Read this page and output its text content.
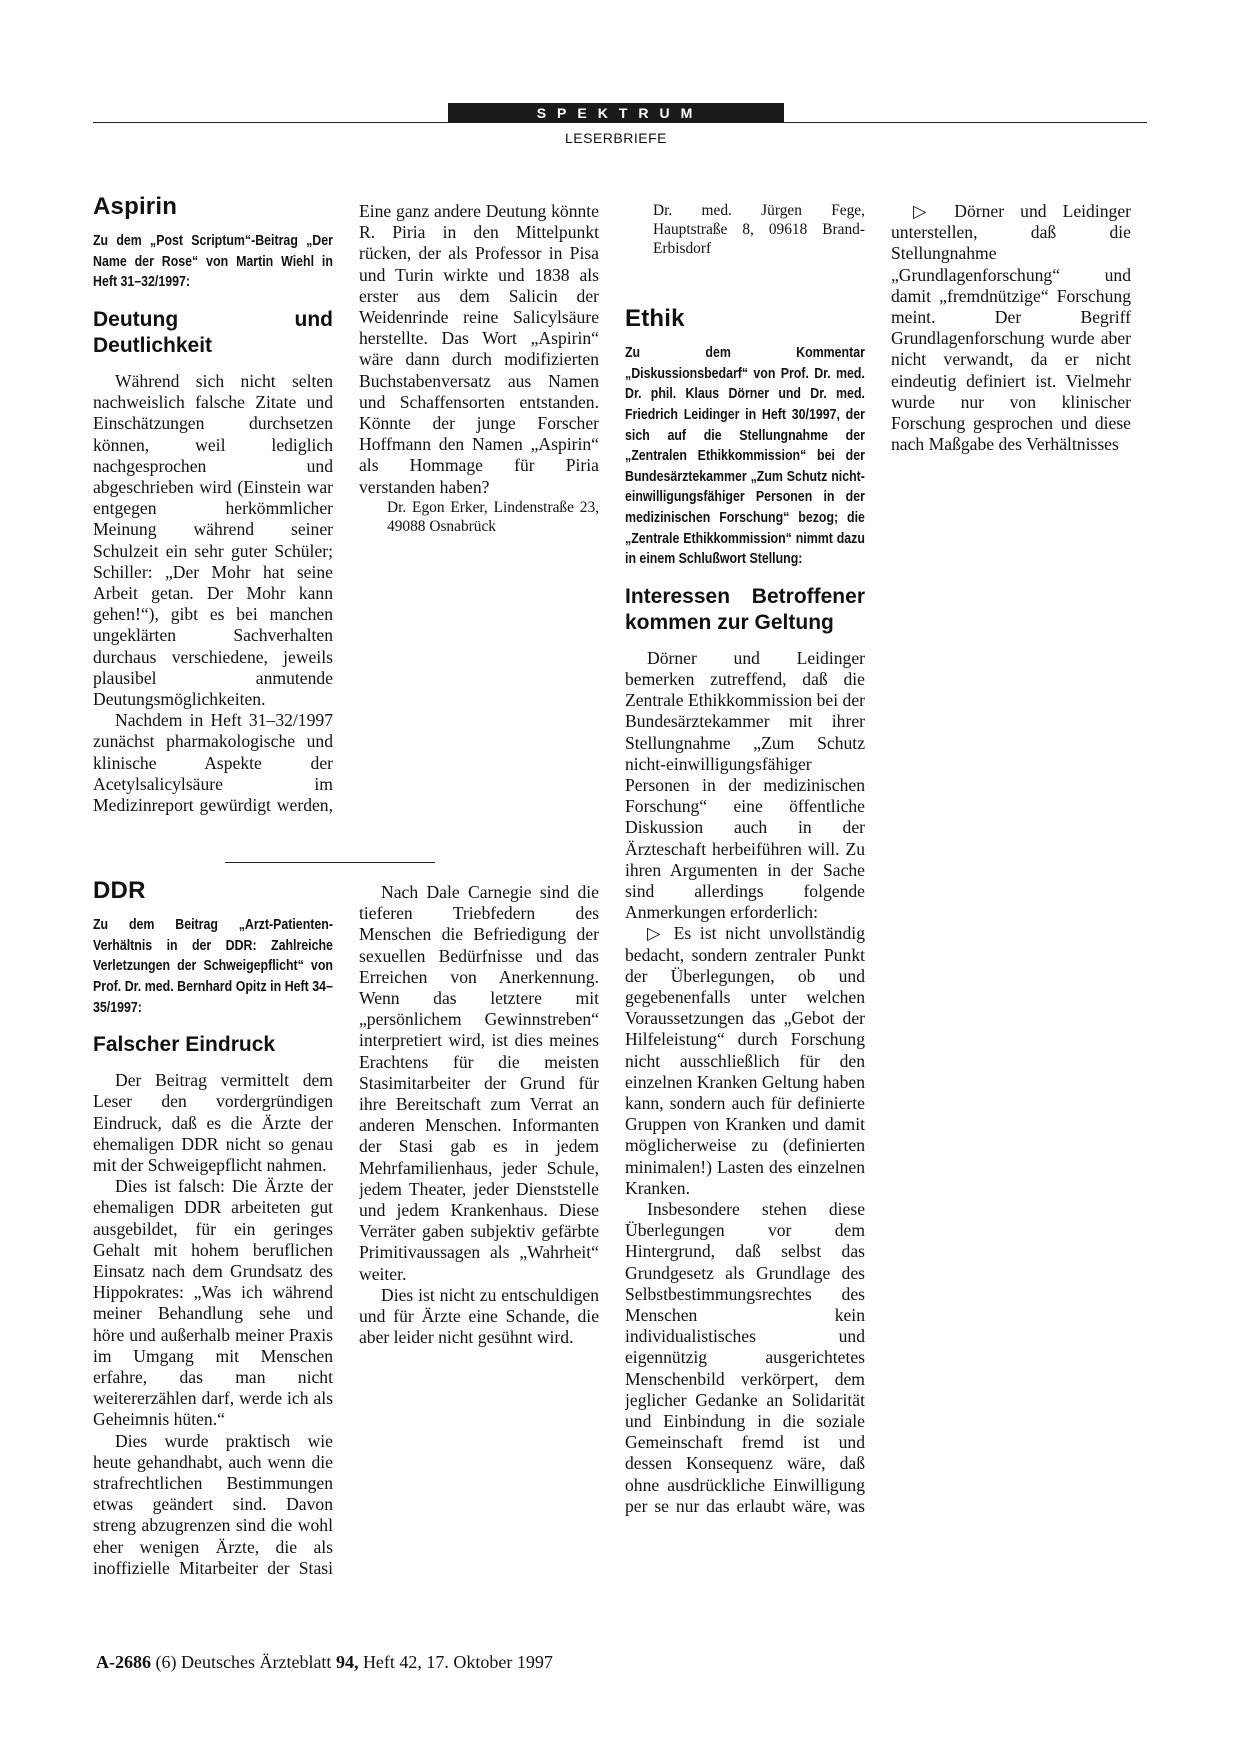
SPEKTRUM
LESERBRIEFE
Aspirin
Zu dem „Post Scriptum“-Beitrag „Der Name der Rose“ von Martin Wiehl in Heft 31–32/1997:
Deutung und Deutlichkeit

Während sich nicht selten nachweislich falsche Zitate und Einschätzungen durchsetzen können, weil lediglich nachgesprochen und abgeschrieben wird (Einstein war entgegen herkömmlicher Meinung während seiner Schulzeit ein sehr guter Schüler; Schiller: „Der Mohr hat seine Arbeit getan. Der Mohr kann gehen!“), gibt es bei manchen ungeklärten Sachverhalten durchaus verschiedene, jeweils plausibel anmutende Deutungsmöglichkeiten.

Nachdem in Heft 31–32/1997 zunächst pharmakologische und klinische Aspekte der Acetylsalicylsäure im Medizinreport gewürdigt werden,

Eine ganz andere Deutung könnte R. Piria in den Mittelpunkt rücken, der als Professor in Pisa und Turin wirkte und 1838 als erster aus dem Salicin der Weidenrinde reine Salicylsäure herstellte. Das Wort „Aspirin“ wäre dann durch modifizierten Buchstabenversatz aus Namen und Schaffensorten entstanden. Könnte der junge Forscher Hoffmann den Namen „Aspirin“ als Hommage für Piria verstanden haben?

Dr. Egon Erker, Lindenstraße 23, 49088 Osnabrück

DDR
Zu dem Beitrag „Arzt-Patienten-Verhältnis in der DDR: Zahlreiche Verletzungen der Schweigepflicht“ von Prof. Dr. med. Bernhard Opitz in Heft 34–35/1997:
Falscher Eindruck

Der Beitrag vermittelt dem Leser den vordergründigen Eindruck, daß es die Ärzte der ehemaligen DDR nicht so genau mit der Schweigepflicht nahmen.

Dies ist falsch: Die Ärzte der ehemaligen DDR arbeiteten gut ausgebildet, für ein geringes Gehalt mit hohem beruflichen Einsatz nach dem Grundsatz des Hippokrates: „Was ich während meiner Behandlung sehe und höre und außerhalb meiner Praxis im Umgang mit Menschen erfahre, das man nicht weitererzählen darf, werde ich als Geheimnis hüten.“

Dies wurde praktisch wie heute gehandhabt, auch wenn die strafrechtlichen Bestimmungen etwas geändert sind. Davon streng abzugrenzen sind die wohl eher wenigen Ärzte, die als inoffizielle Mitarbeiter der Stasi

Nach Dale Carnegie sind die tieferen Triebfedern des Menschen die Befriedigung der sexuellen Bedürfnisse und das Erreichen von Anerkennung. Wenn das letztere mit „persönlichem Gewinnstreben“ interpretiert wird, ist dies meines Erachtens für die meisten Stasimitarbeiter der Grund für ihre Bereitschaft zum Verrat an anderen Menschen. Informanten der Stasi gab es in jedem Mehrfamilienhaus, jeder Schule, jedem Theater, jeder Dienststelle und jedem Krankenhaus. Diese Verräter gaben subjektiv gefärbte Primitivaussagen als „Wahrheit“ weiter.

Dies ist nicht zu entschuldigen und für Ärzte eine Schande, die aber leider nicht gesühnt wird.

Dr. med. Jürgen Fege, Hauptstraße 8, 09618 Brand-Erbisdorf

Ethik
Zu dem Kommentar „Diskussionsbedarf“ von Prof. Dr. med. Dr. phil. Klaus Dörner und Dr. med. Friedrich Leidinger in Heft 30/1997, der sich auf die Stellungnahme der „Zentralen Ethikkommission“ bei der Bundesärztekammer „Zum Schutz nicht-einwilligungsfähiger Personen in der medizinischen Forschung“ bezog; die „Zentrale Ethikkommission“ nimmt dazu in einem Schlußwort Stellung:
Interessen Betroffener kommen zur Geltung

Dörner und Leidinger bemerken zutreffend, daß die Zentrale Ethikkommission bei der Bundesärztekammer mit ihrer Stellungnahme „Zum Schutz nicht-einwilligungsfähiger Personen in der medizinischen Forschung“ eine öffentliche Diskussion auch in der Ärzteschaft herbeiführen will. Zu ihren Argumenten in der Sache sind allerdings folgende Anmerkungen erforderlich:

▷ Es ist nicht unvollständig bedacht, sondern zentraler Punkt der Überlegungen, ob und gegebenenfalls unter welchen Voraussetzungen das „Gebot der Hilfeleistung“ durch Forschung nicht ausschließlich für den einzelnen Kranken Geltung haben kann, sondern auch für definierte Gruppen von Kranken und damit möglicherweise zu (definierten minimalen!) Lasten des einzelnen Kranken.

Insbesondere stehen diese Überlegungen vor dem Hintergrund, daß selbst das Grundgesetz als Grundlage des Selbstbestimmungsrechtes des Menschen kein individualistisches und eigennützig ausgerichtetes Menschenbild verkörpert, dem jeglicher Gedanke an Solidarität und Einbindung in die soziale Gemeinschaft fremd ist und dessen Konsequenz wäre, daß ohne ausdrückliche Einwilligung per se nur das erlaubt wäre, was

▷ Dörner und Leidinger unterstellen, daß die Stellungnahme „Grundlagenforschung“ und damit „fremdnützige“ Forschung meint. Der Begriff Grundlagenforschung wurde aber nicht verwandt, da er nicht eindeutig definiert ist. Vielmehr wurde nur von klinischer Forschung gesprochen und diese nach Maßgabe des Verhältnisses

A-2686 (6) Deutsches Ärzteblatt 94, Heft 42, 17. Oktober 1997
